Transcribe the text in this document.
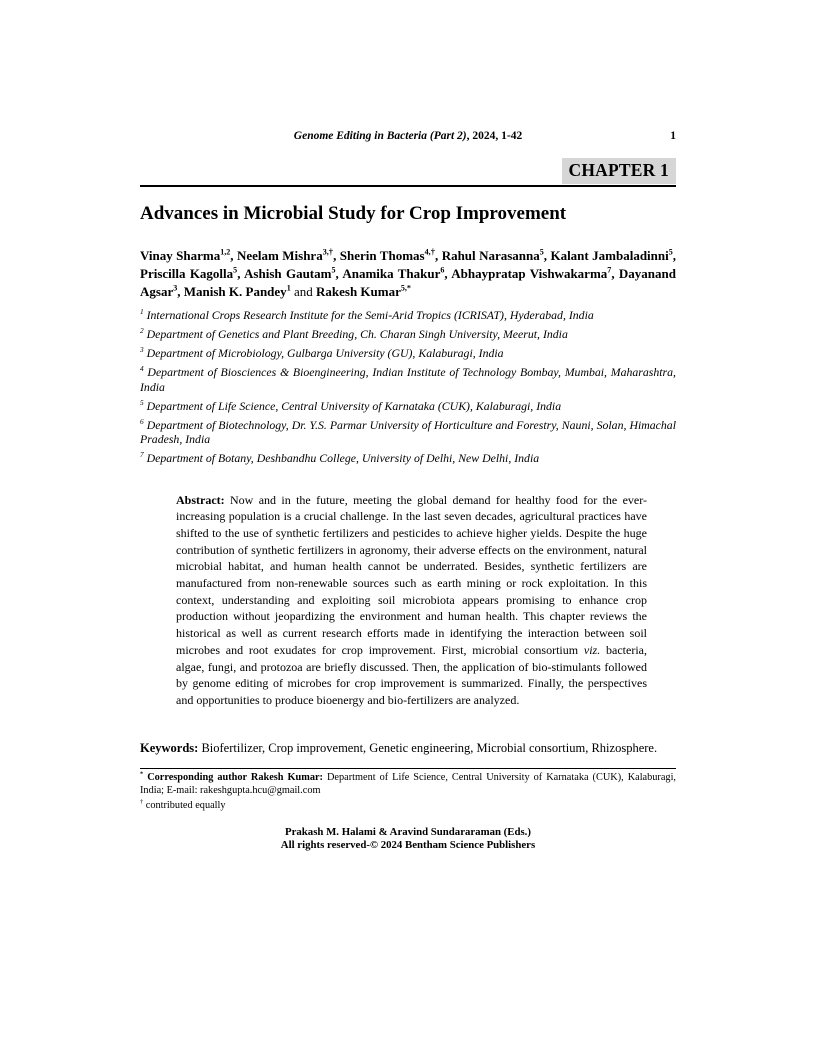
Genome Editing in Bacteria (Part 2), 2024, 1-42	1
CHAPTER 1
Advances in Microbial Study for Crop Improvement

Vinay Sharma$^{1,2}$, Neelam Mishra$^{3,\dagger}$, Sherin Thomas$^{4,\dagger}$, Rahul Narasanna$^5$, Kalant Jambaladinni$^5$, Priscilla Kagolla$^5$, Ashish Gautam$^5$, Anamika Thakur$^6$, Abhaypratap Vishwakarma$^7$, Dayanand Agsar$^3$, Manish K. Pandey$^1$ and Rakesh Kumar$^{5,*}$

$^1$ International Crops Research Institute for the Semi-Arid Tropics (ICRISAT), Hyderabad, India

$^2$ Department of Genetics and Plant Breeding, Ch. Charan Singh University, Meerut, India

$^3$ Department of Microbiology, Gulbarga University (GU), Kalaburagi, India

$^4$ Department of Biosciences & Bioengineering, Indian Institute of Technology Bombay, Mumbai, Maharashtra, India

$^5$ Department of Life Science, Central University of Karnataka (CUK), Kalaburagi, India

$^6$ Department of Biotechnology, Dr. Y.S. Parmar University of Horticulture and Forestry, Nauni, Solan, Himachal Pradesh, India

$^7$ Department of Botany, Deshbandhu College, University of Delhi, New Delhi, India

Abstract: Now and in the future, meeting the global demand for healthy food for the ever-increasing population is a crucial challenge. In the last seven decades, agricultural practices have shifted to the use of synthetic fertilizers and pesticides to achieve higher yields. Despite the huge contribution of synthetic fertilizers in agronomy, their adverse effects on the environment, natural microbial habitat, and human health cannot be underrated. Besides, synthetic fertilizers are manufactured from non-renewable sources such as earth mining or rock exploitation. In this context, understanding and exploiting soil microbiota appears promising to enhance crop production without jeopardizing the environment and human health. This chapter reviews the historical as well as current research efforts made in identifying the interaction between soil microbes and root exudates for crop improvement. First, microbial consortium viz. bacteria, algae, fungi, and protozoa are briefly discussed. Then, the application of bio-stimulants followed by genome editing of microbes for crop improvement is summarized. Finally, the perspectives and opportunities to produce bioenergy and bio-fertilizers are analyzed.

Keywords: Biofertilizer, Crop improvement, Genetic engineering, Microbial consortium, Rhizosphere.

* Corresponding author Rakesh Kumar: Department of Life Science, Central University of Karnataka (CUK), Kalaburagi, India; E-mail: rakeshgupta.hcu@gmail.com

† contributed equally

Prakash M. Halami & Aravind Sundararaman (Eds.)
All rights reserved-© 2024 Bentham Science Publishers
